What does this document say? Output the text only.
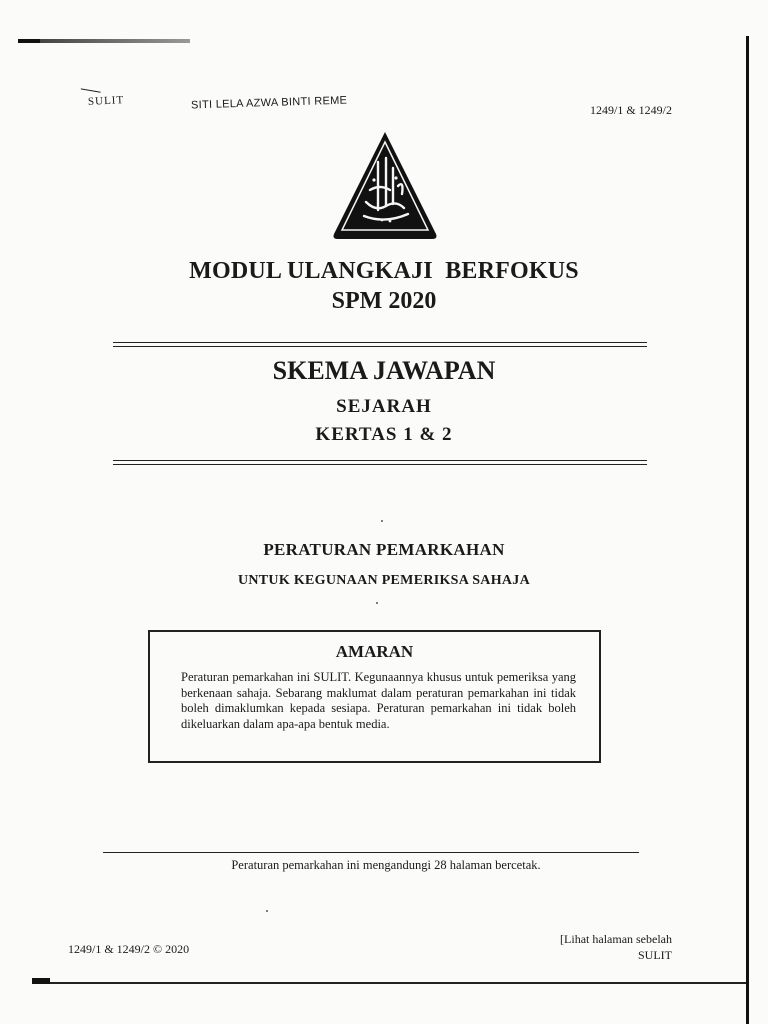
SULIT	SITI LELA AZWA BINTI REME	1249/1 & 1249/2
MODUL ULANGKAJI  BERFOKUS
SPM 2020
SKEMA JAWAPAN
SEJARAH
KERTAS 1 & 2
PERATURAN PEMARKAHAN
UNTUK KEGUNAAN PEMERIKSA SAHAJA
AMARAN
Peraturan pemarkahan ini SULIT. Kegunaannya khusus untuk pemeriksa yang berkenaan sahaja. Sebarang maklumat dalam peraturan pemarkahan ini tidak boleh dimaklumkan kepada sesiapa. Peraturan pemarkahan ini tidak boleh dikeluarkan dalam apa-apa bentuk media.
Peraturan pemarkahan ini mengandungi 28 halaman bercetak.
1249/1 & 1249/2 © 2020
[Lihat halaman sebelah
SULIT
